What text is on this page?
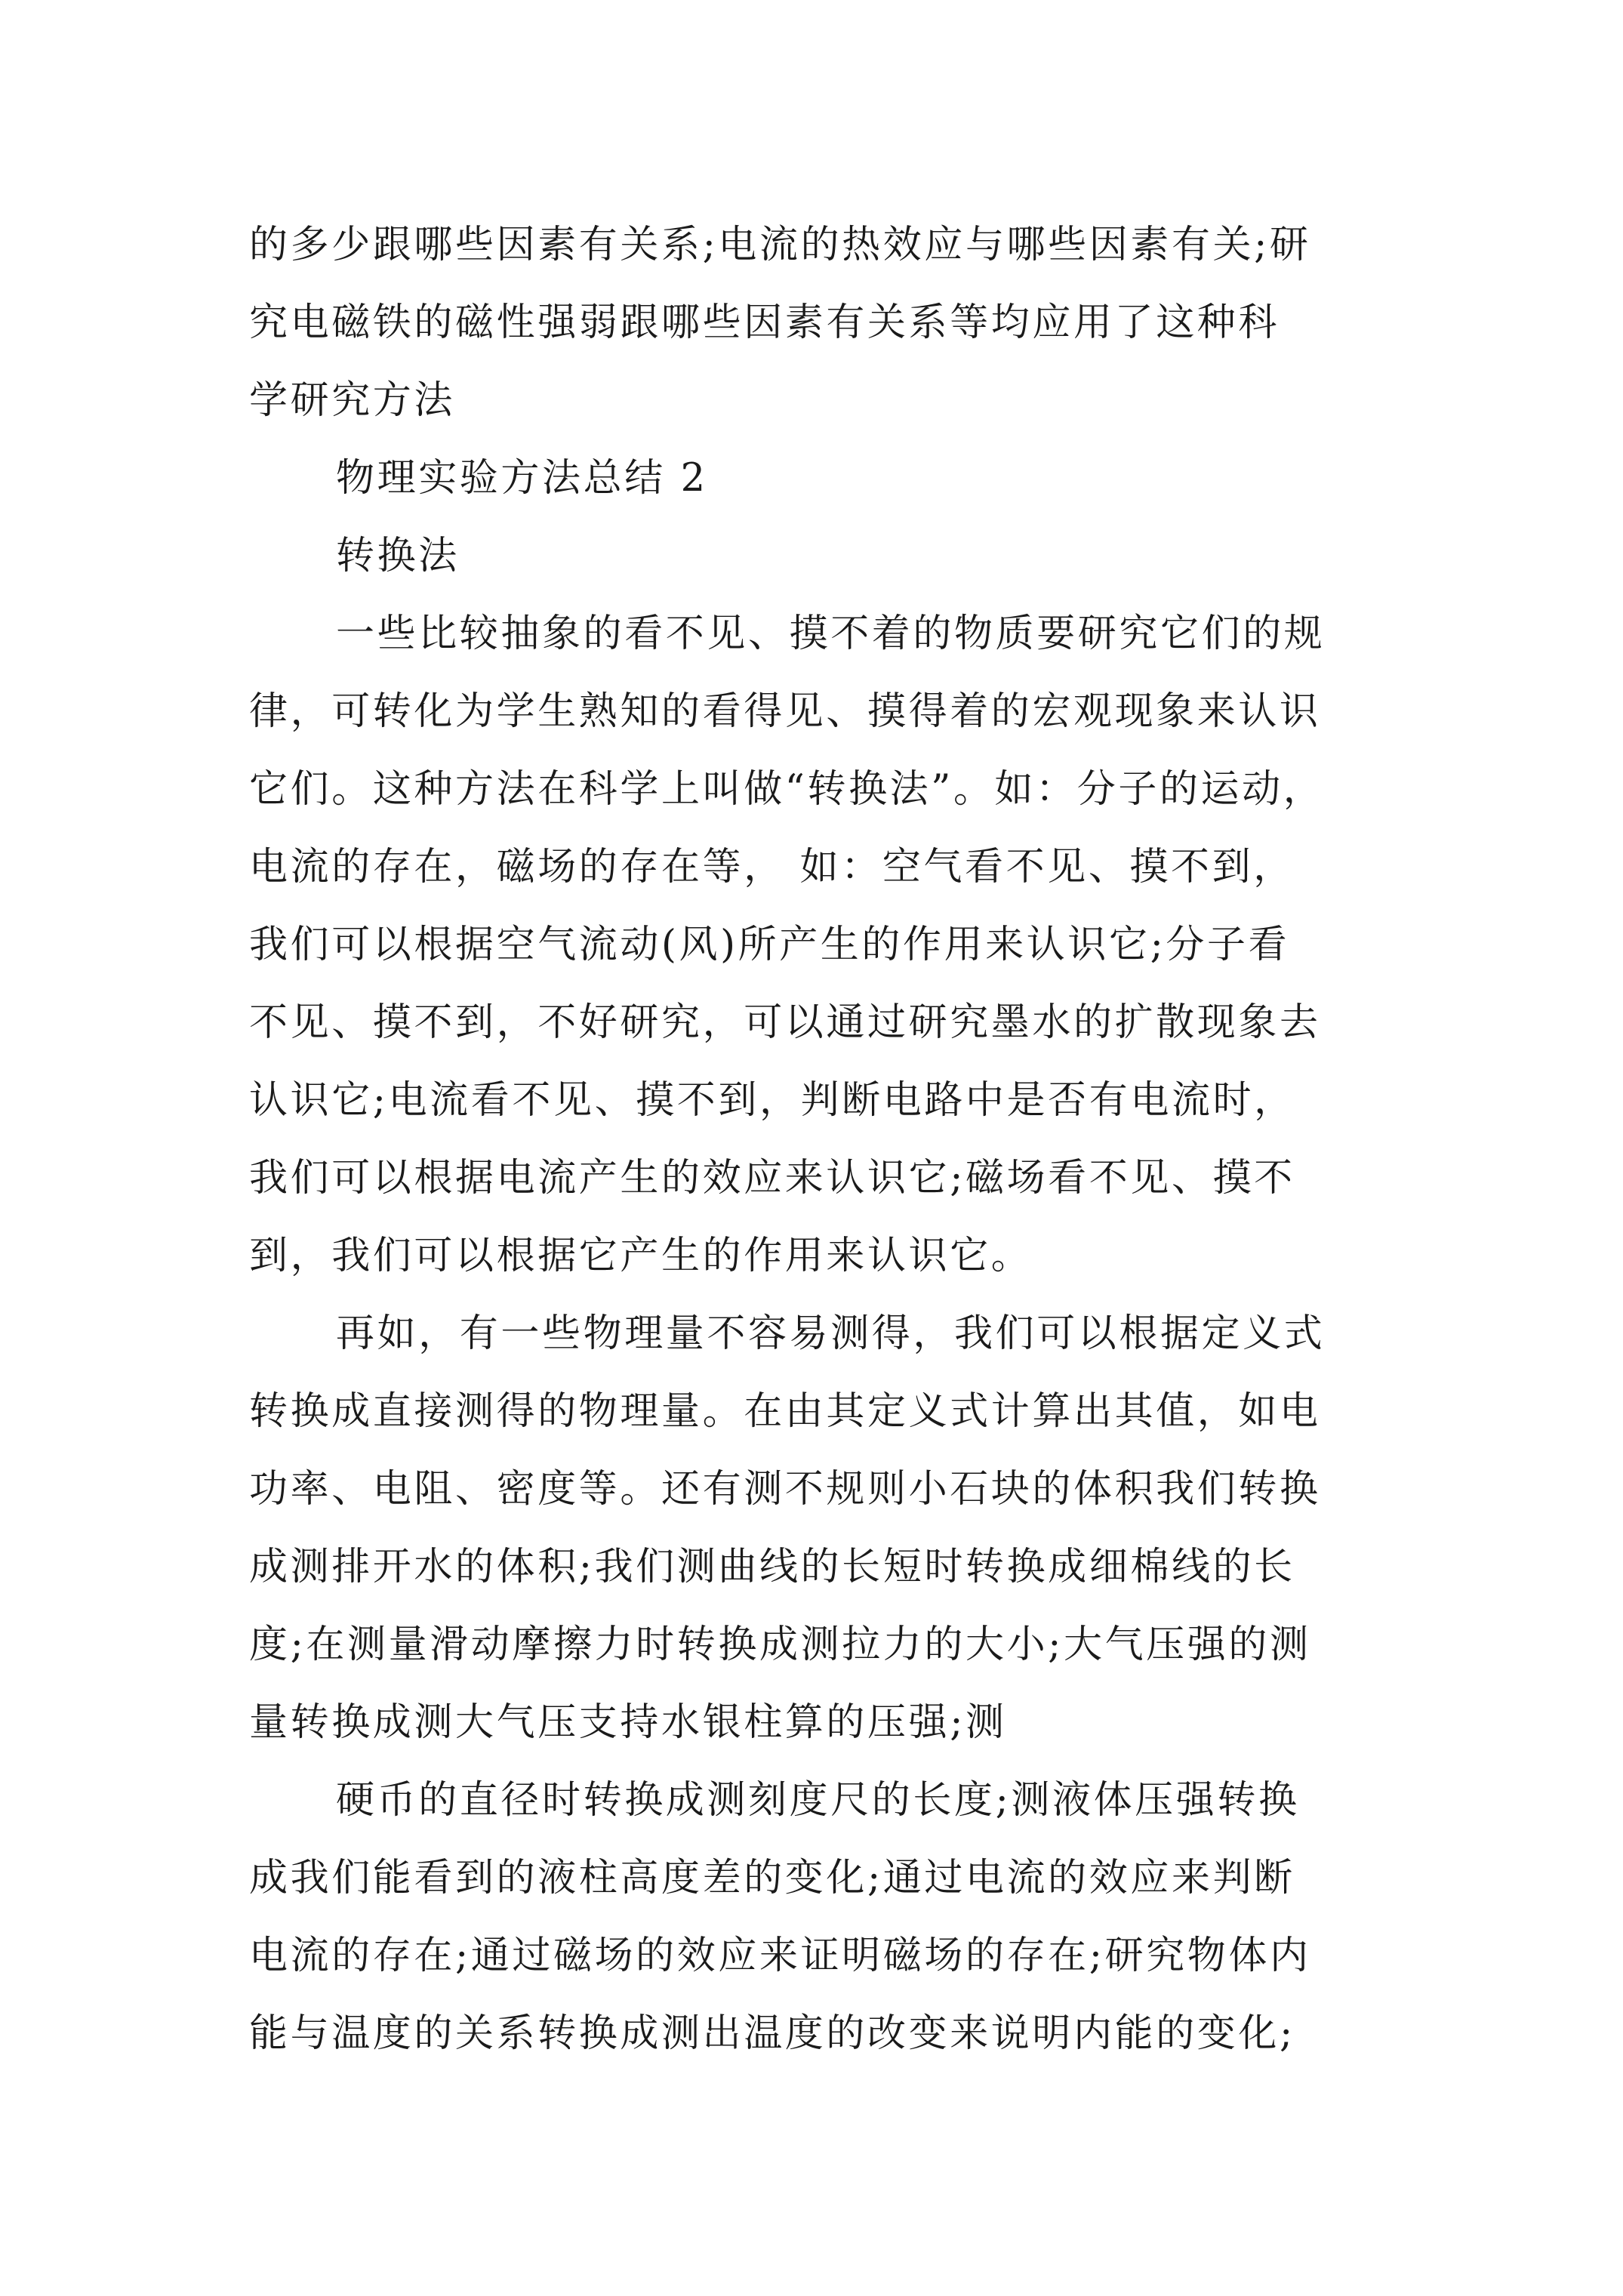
的多少跟哪些因素有关系;电流的热效应与哪些因素有关;研
究电磁铁的磁性强弱跟哪些因素有关系等均应用了这种科
学研究方法
物理实验方法总结 2
转换法
一些比较抽象的看不见、摸不着的物质要研究它们的规
律，可转化为学生熟知的看得见、摸得着的宏观现象来认识
它们。这种方法在科学上叫做“转换法”。如：分子的运动，
电流的存在，磁场的存在等， 如：空气看不见、摸不到，
我们可以根据空气流动(风)所产生的作用来认识它;分子看
不见、摸不到，不好研究，可以通过研究墨水的扩散现象去
认识它;电流看不见、摸不到，判断电路中是否有电流时，
我们可以根据电流产生的效应来认识它;磁场看不见、摸不
到，我们可以根据它产生的作用来认识它。
再如，有一些物理量不容易测得，我们可以根据定义式
转换成直接测得的物理量。在由其定义式计算出其值，如电
功率、电阻、密度等。还有测不规则小石块的体积我们转换
成测排开水的体积;我们测曲线的长短时转换成细棉线的长
度;在测量滑动摩擦力时转换成测拉力的大小;大气压强的测
量转换成测大气压支持水银柱算的压强;测
硬币的直径时转换成测刻度尺的长度;测液体压强转换
成我们能看到的液柱高度差的变化;通过电流的效应来判断
电流的存在;通过磁场的效应来证明磁场的存在;研究物体内
能与温度的关系转换成测出温度的改变来说明内能的变化;
